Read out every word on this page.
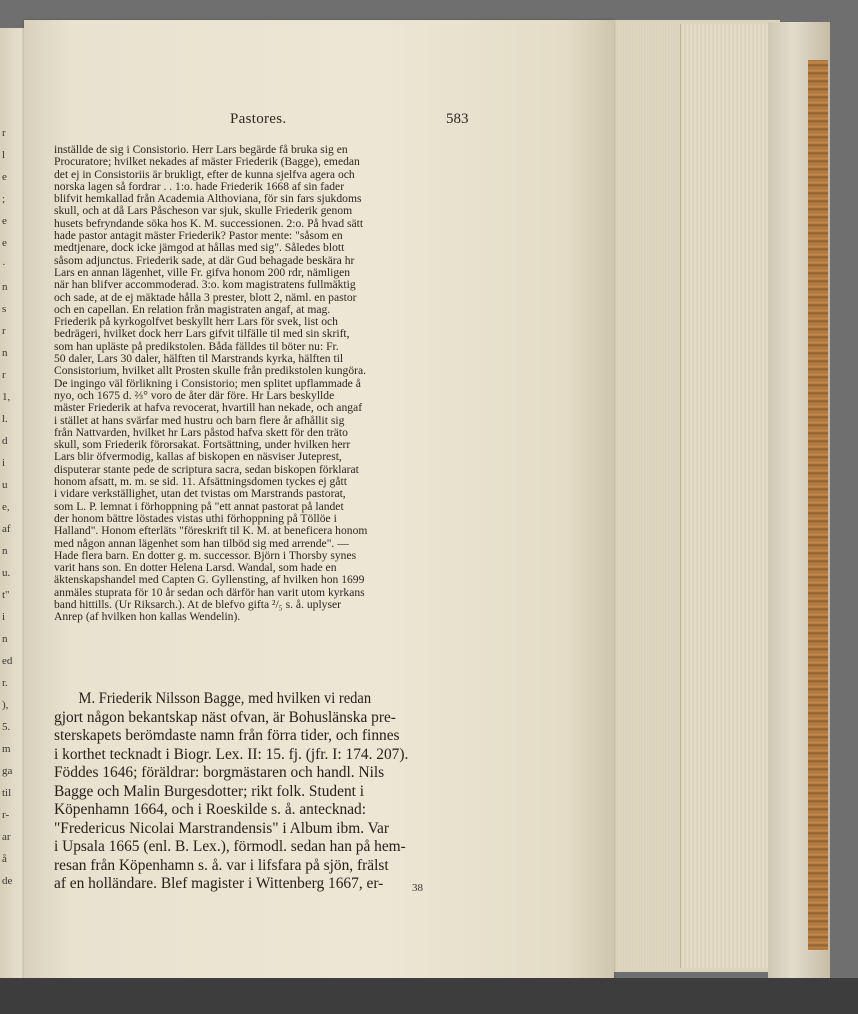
r
l
e
;
e
e
·
n
s
r
n
r
1,
l.
d
i
u
e,
af
n
u.
t"
i
n
ed
r.
),
5.
m
ga
til
r-
ar
å
de
Pastores.	583

inställde de sig i Consistorio. Herr Lars begärde få bruka sig en

Procuratore; hvilket nekades af mäster Friederik (Bagge), emedan

det ej in Consistoriis är brukligt, efter de kunna sjelfva agera och

norska lagen så fordrar . . 1:o. hade Friederik 1668 af sin fader

blifvit hemkallad från Academia Althoviana, för sin fars sjukdoms

skull, och at då Lars Påscheson var sjuk, skulle Friederik genom

husets befryndande söka hos K. M. successionen. 2:o. På hvad sätt

hade pastor antagit mäster Friederik? Pastor mente: "såsom en

medtjenare, dock icke jämgod at hållas med sig". Således blott

såsom adjunctus. Friederik sade, at där Gud behagade beskära hr

Lars en annan lägenhet, ville Fr. gifva honom 200 rdr, nämligen

när han blifver accommoderad. 3:o. kom magistratens fullmäktig

och sade, at de ej mäktade hålla 3 prester, blott 2, näml. en pastor

och en capellan. En relation från magistraten angaf, at mag.

Friederik på kyrkogolfvet beskyllt herr Lars för svek, list och

bedrägeri, hvilket dock herr Lars gifvit tilfälle til med sin skrift,

som han upläste på predikstolen. Båda fälldes til böter nu: Fr.

50 daler, Lars 30 daler, hälften til Marstrands kyrka, hälften til

Consistorium, hvilket allt Prosten skulle från predikstolen kungöra.

De ingingo väl förlikning i Consistorio; men splitet upflammade å

nyo, och 1675 d. ⅔° voro de åter där före. Hr Lars beskyllde

mäster Friederik at hafva revocerat, hvartill han nekade, och angaf

i stället at hans svärfar med hustru och barn flere år afhållit sig

från Nattvarden, hvilket hr Lars påstod hafva skett för den träto

skull, som Friederik förorsakat. Fortsättning, under hvilken herr

Lars blir öfvermodig, kallas af biskopen en näsviser Juteprest,

disputerar stante pede de scriptura sacra, sedan biskopen förklarat

honom afsatt, m. m. se sid. 11. Afsättningsdomen tyckes ej gått

i vidare verkställighet, utan det tvistas om Marstrands pastorat,

som L. P. lemnat i förhoppning på "ett annat pastorat på landet

der honom bättre löstades vistas uthi förhoppning på Töllöe i

Halland". Honom efterläts "föreskrift til K. M. at beneficera honom

med någon annan lägenhet som han tilböd sig med arrende". —

Hade flera barn. En dotter g. m. successor. Björn i Thorsby synes

varit hans son. En dotter Helena Larsd. Wandal, som hade en

äktenskapshandel med Capten G. Gyllensting, af hvilken hon 1699

anmäles stuprata för 10 år sedan och därför han varit utom kyrkans

band hittills. (Ur Riksarch.). At de blefvo gifta ²/₅ s. å. uplyser

Anrep (af hvilken hon kallas Wendelin).

M. Friederik Nilsson Bagge, med hvilken vi redan

gjort någon bekantskap näst ofvan, är Bohuslänska pre-

sterskapets berömdaste namn från förra tider, och finnes

i korthet tecknadt i Biogr. Lex. II: 15. fj. (jfr. I: 174. 207).

Föddes 1646; föräldrar: borgmästaren och handl. Nils

Bagge och Malin Burgesdotter; rikt folk. Student i

Köpenhamn 1664, och i Roeskilde s. å. antecknad:

"Fredericus Nicolai Marstrandensis" i Album ibm. Var

i Upsala 1665 (enl. B. Lex.), förmodl. sedan han på hem-

resan från Köpenhamn s. å. var i lifsfara på sjön, frälst

af en holländare. Blef magister i Wittenberg 1667, er-	38
